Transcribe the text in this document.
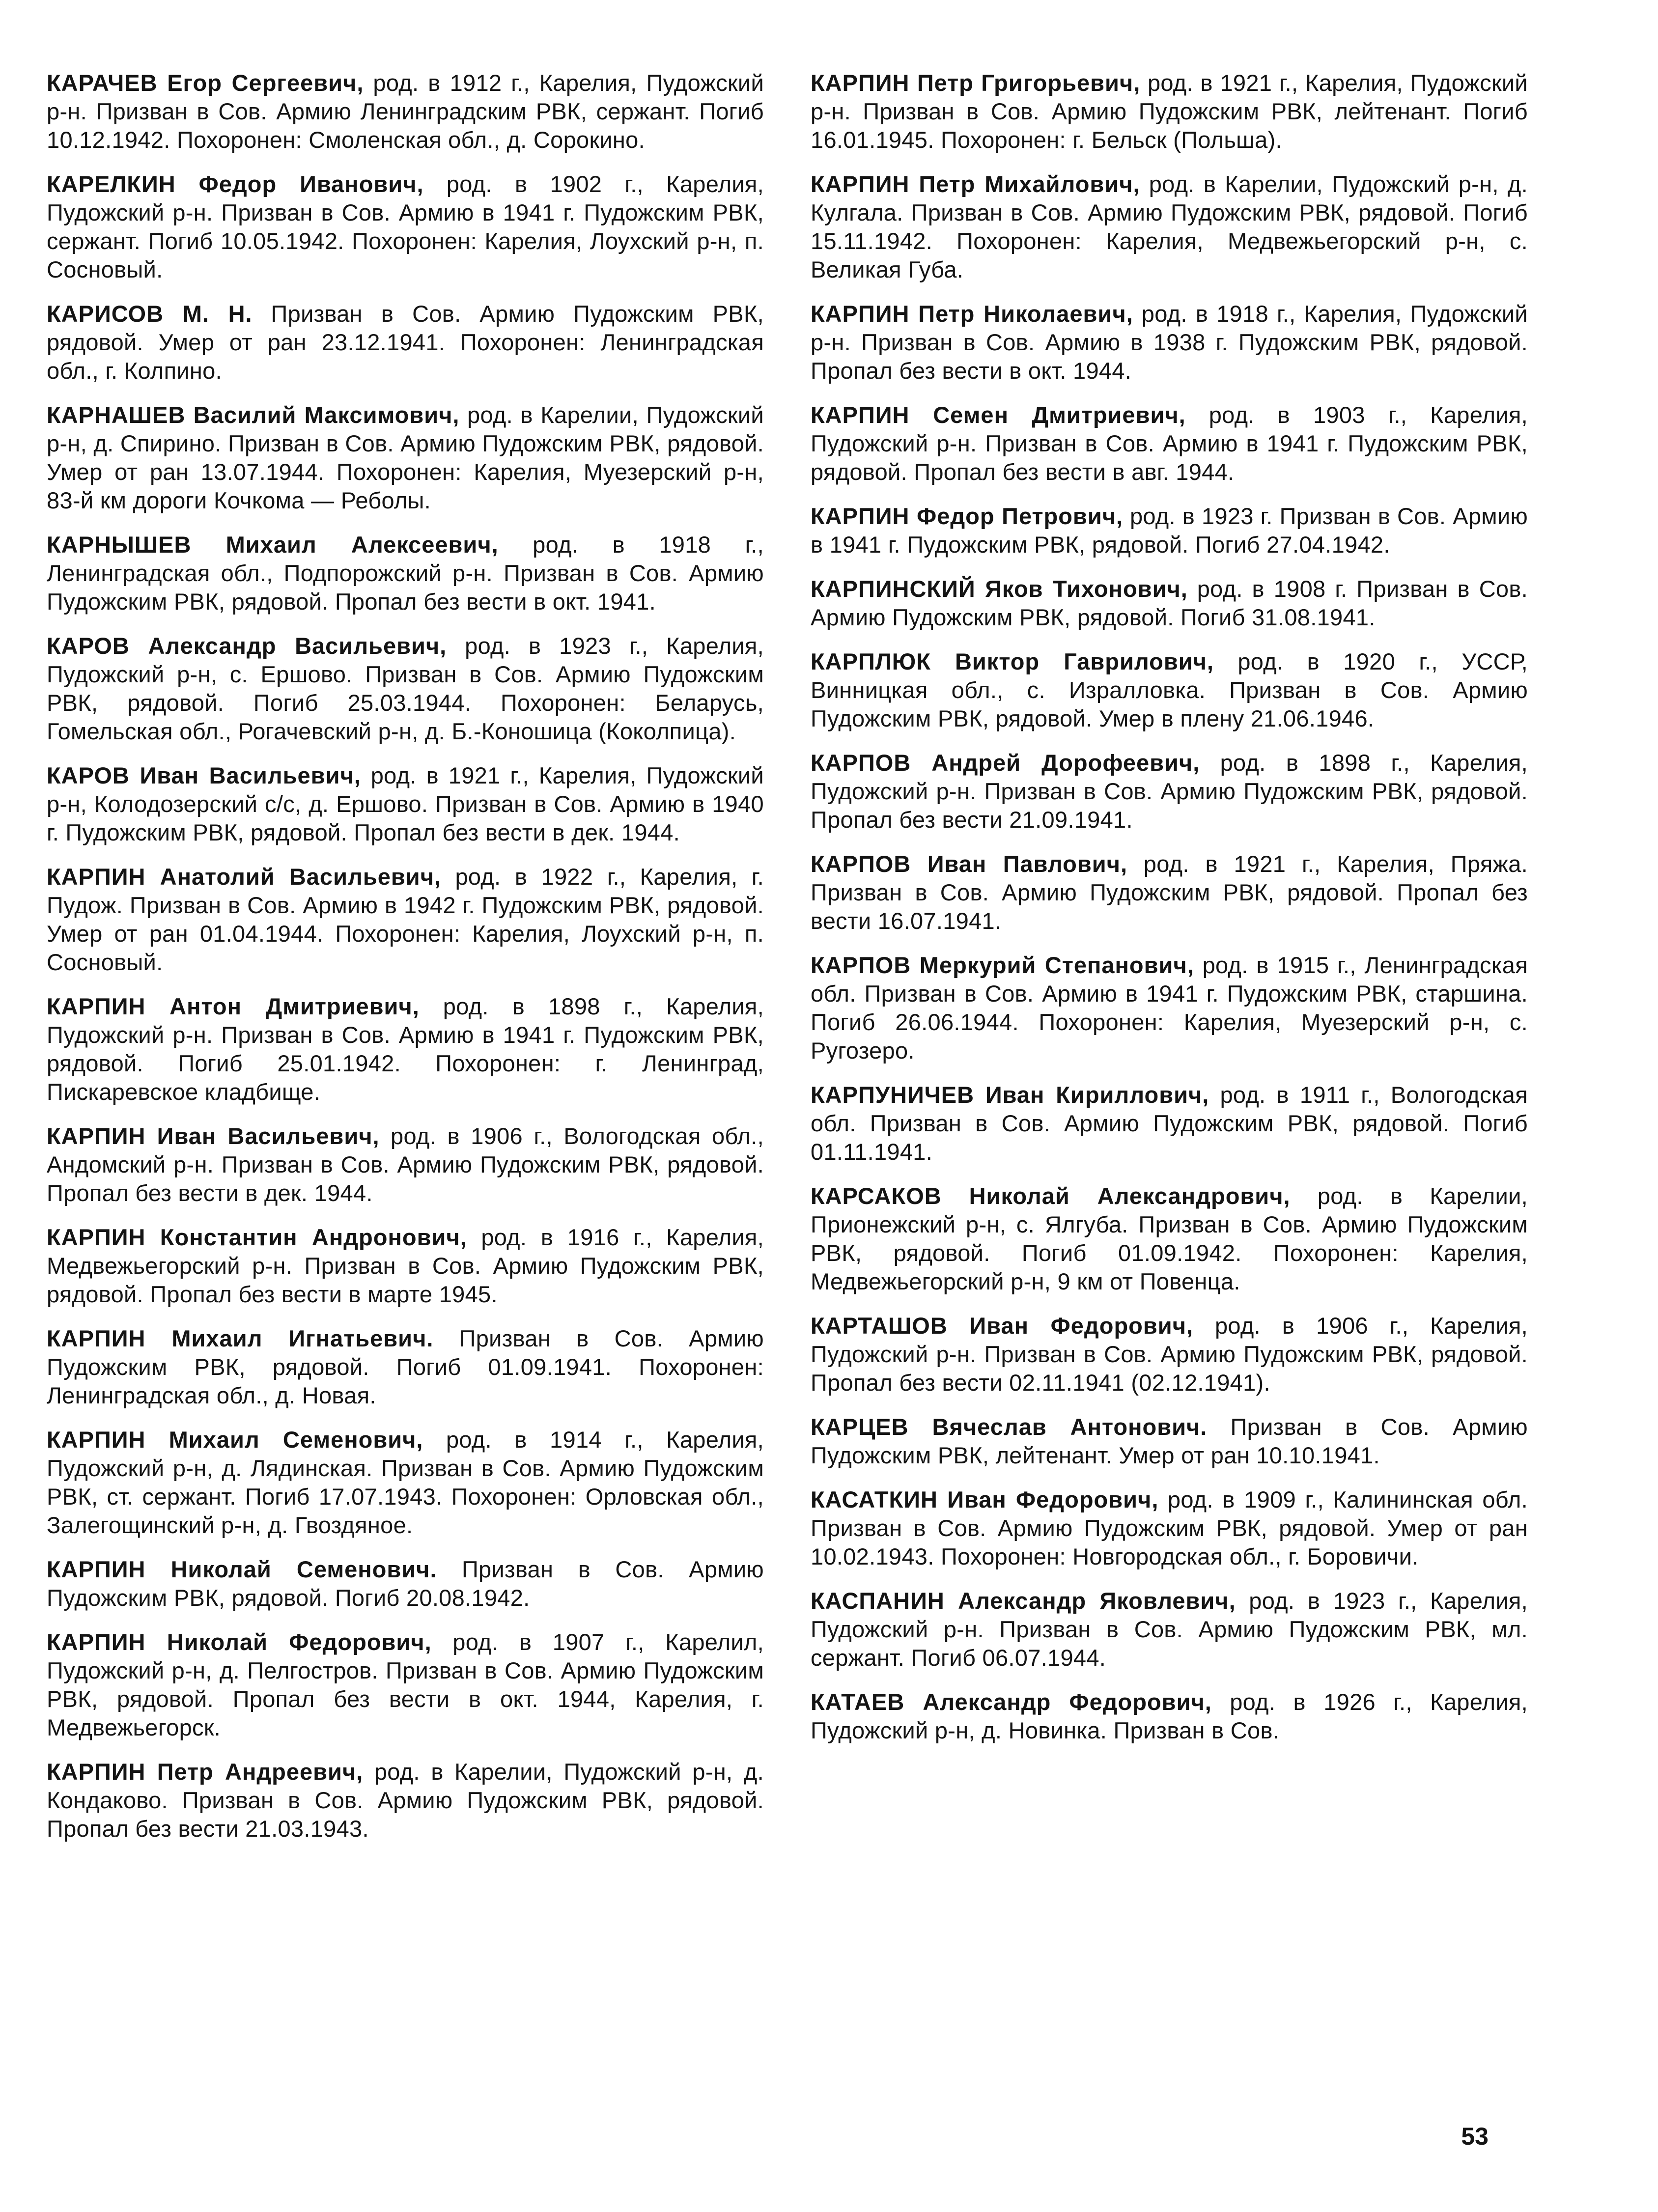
КАРАЧЕВ Егор Сергеевич, род. в 1912 г., Карелия, Пудожский р-н. Призван в Сов. Армию Ленинградским РВК, сержант. Погиб 10.12.1942. Похоронен: Смоленская обл., д. Сорокино.

КАРЕЛКИН Федор Иванович, род. в 1902 г., Карелия, Пудожский р-н. Призван в Сов. Армию в 1941 г. Пудожским РВК, сержант. Погиб 10.05.1942. Похоронен: Карелия, Лоухский р-н, п. Сосновый.

КАРИСОВ М. Н. Призван в Сов. Армию Пудожским РВК, рядовой. Умер от ран 23.12.1941. Похоронен: Ленинградская обл., г. Колпино.

КАРНАШЕВ Василий Максимович, род. в Карелии, Пудожский р-н, д. Спирино. Призван в Сов. Армию Пудожским РВК, рядовой. Умер от ран 13.07.1944. Похоронен: Карелия, Муезерский р-н, 83-й км дороги Кочкома — Реболы.

КАРНЫШЕВ Михаил Алексеевич, род. в 1918 г., Ленинградская обл., Подпорожский р-н. Призван в Сов. Армию Пудожским РВК, рядовой. Пропал без вести в окт. 1941.

КАРОВ Александр Васильевич, род. в 1923 г., Карелия, Пудожский р-н, с. Ершово. Призван в Сов. Армию Пудожским РВК, рядовой. Погиб 25.03.1944. Похоронен: Беларусь, Гомельская обл., Рогачевский р-н, д. Б.-Коношица (Коколпица).

КАРОВ Иван Васильевич, род. в 1921 г., Карелия, Пудожский р-н, Колодозерский с/с, д. Ершово. Призван в Сов. Армию в 1940 г. Пудожским РВК, рядовой. Пропал без вести в дек. 1944.

КАРПИН Анатолий Васильевич, род. в 1922 г., Карелия, г. Пудож. Призван в Сов. Армию в 1942 г. Пудожским РВК, рядовой. Умер от ран 01.04.1944. Похоронен: Карелия, Лоухский р-н, п. Сосновый.

КАРПИН Антон Дмитриевич, род. в 1898 г., Карелия, Пудожский р-н. Призван в Сов. Армию в 1941 г. Пудожским РВК, рядовой. Погиб 25.01.1942. Похоронен: г. Ленинград, Пискаревское кладбище.

КАРПИН Иван Васильевич, род. в 1906 г., Вологодская обл., Андомский р-н. Призван в Сов. Армию Пудожским РВК, рядовой. Пропал без вести в дек. 1944.

КАРПИН Константин Андронович, род. в 1916 г., Карелия, Медвежьегорский р-н. Призван в Сов. Армию Пудожским РВК, рядовой. Пропал без вести в марте 1945.

КАРПИН Михаил Игнатьевич. Призван в Сов. Армию Пудожским РВК, рядовой. Погиб 01.09.1941. Похоронен: Ленинградская обл., д. Новая.

КАРПИН Михаил Семенович, род. в 1914 г., Карелия, Пудожский р-н, д. Лядинская. Призван в Сов. Армию Пудожским РВК, ст. сержант. Погиб 17.07.1943. Похоронен: Орловская обл., Залегощинский р-н, д. Гвоздяное.

КАРПИН Николай Семенович. Призван в Сов. Армию Пудожским РВК, рядовой. Погиб 20.08.1942.

КАРПИН Николай Федорович, род. в 1907 г., Карелил, Пудожский р-н, д. Пелгостров. Призван в Сов. Армию Пудожским РВК, рядовой. Пропал без вести в окт. 1944, Карелия, г. Медвежьегорск.

КАРПИН Петр Андреевич, род. в Карелии, Пудожский р-н, д. Кондаково. Призван в Сов. Армию Пудожским РВК, рядовой. Пропал без вести 21.03.1943.

КАРПИН Петр Григорьевич, род. в 1921 г., Карелия, Пудожский р-н. Призван в Сов. Армию Пудожским РВК, лейтенант. Погиб 16.01.1945. Похоронен: г. Бельск (Польша).

КАРПИН Петр Михайлович, род. в Карелии, Пудожский р-н, д. Кулгала. Призван в Сов. Армию Пудожским РВК, рядовой. Погиб 15.11.1942. Похоронен: Карелия, Медвежьегорский р-н, с. Великая Губа.

КАРПИН Петр Николаевич, род. в 1918 г., Карелия, Пудожский р-н. Призван в Сов. Армию в 1938 г. Пудожским РВК, рядовой. Пропал без вести в окт. 1944.

КАРПИН Семен Дмитриевич, род. в 1903 г., Карелия, Пудожский р-н. Призван в Сов. Армию в 1941 г. Пудожским РВК, рядовой. Пропал без вести в авг. 1944.

КАРПИН Федор Петрович, род. в 1923 г. Призван в Сов. Армию в 1941 г. Пудожским РВК, рядовой. Погиб 27.04.1942.

КАРПИНСКИЙ Яков Тихонович, род. в 1908 г. Призван в Сов. Армию Пудожским РВК, рядовой. Погиб 31.08.1941.

КАРПЛЮК Виктор Гаврилович, род. в 1920 г., УССР, Винницкая обл., с. Изралловка. Призван в Сов. Армию Пудожским РВК, рядовой. Умер в плену 21.06.1946.

КАРПОВ Андрей Дорофеевич, род. в 1898 г., Карелия, Пудожский р-н. Призван в Сов. Армию Пудожским РВК, рядовой. Пропал без вести 21.09.1941.

КАРПОВ Иван Павлович, род. в 1921 г., Карелия, Пряжа. Призван в Сов. Армию Пудожским РВК, рядовой. Пропал без вести 16.07.1941.

КАРПОВ Меркурий Степанович, род. в 1915 г., Ленинградская обл. Призван в Сов. Армию в 1941 г. Пудожским РВК, старшина. Погиб 26.06.1944. Похоронен: Карелия, Муезерский р-н, с. Ругозеро.

КАРПУНИЧЕВ Иван Кириллович, род. в 1911 г., Вологодская обл. Призван в Сов. Армию Пудожским РВК, рядовой. Погиб 01.11.1941.

КАРСАКОВ Николай Александрович, род. в Карелии, Прионежский р-н, с. Ялгуба. Призван в Сов. Армию Пудожским РВК, рядовой. Погиб 01.09.1942. Похоронен: Карелия, Медвежьегорский р-н, 9 км от Повенца.

КАРТАШОВ Иван Федорович, род. в 1906 г., Карелия, Пудожский р-н. Призван в Сов. Армию Пудожским РВК, рядовой. Пропал без вести 02.11.1941 (02.12.1941).

КАРЦЕВ Вячеслав Антонович. Призван в Сов. Армию Пудожским РВК, лейтенант. Умер от ран 10.10.1941.

КАСАТКИН Иван Федорович, род. в 1909 г., Калининская обл. Призван в Сов. Армию Пудожским РВК, рядовой. Умер от ран 10.02.1943. Похоронен: Новгородская обл., г. Боровичи.

КАСПАНИН Александр Яковлевич, род. в 1923 г., Карелия, Пудожский р-н. Призван в Сов. Армию Пудожским РВК, мл. сержант. Погиб 06.07.1944.

КАТАЕВ Александр Федорович, род. в 1926 г., Карелия, Пудожский р-н, д. Новинка. Призван в Сов.

53
